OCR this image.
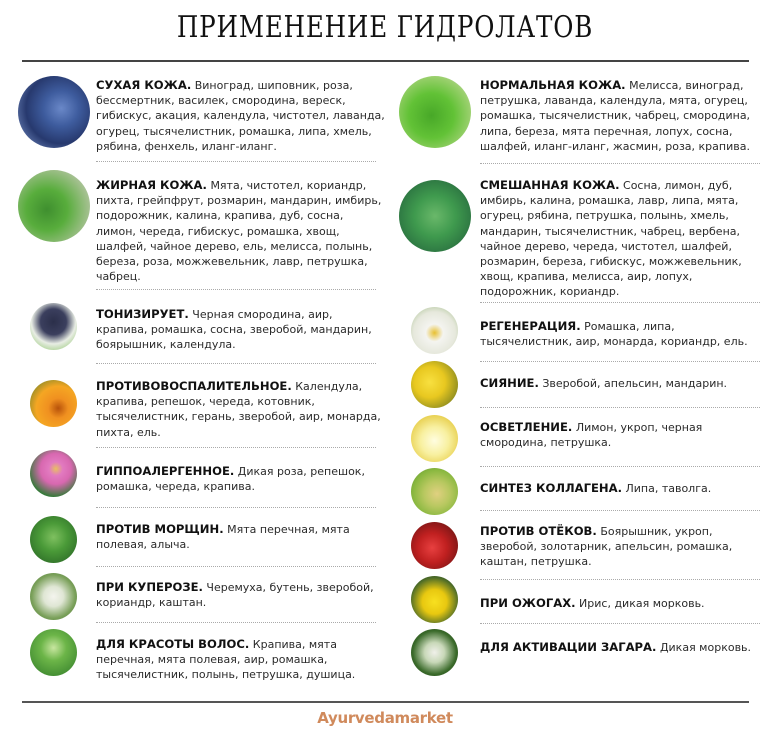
ПРИМЕНЕНИЕ ГИДРОЛАТОВ
СУХАЯ КОЖА. Виноград, шиповник, роза, бессмертник, василек, смородина, вереск, гибискус, акация, календула, чистотел, лаванда, огурец, тысячелистник, ромашка, липа, хмель, рябина, фенхель, иланг-иланг.
ЖИРНАЯ КОЖА. Мята, чистотел, кориандр, пихта, грейпфрут, розмарин, мандарин, имбирь, подорожник, калина, крапива, дуб, сосна, лимон, череда, гибискус, ромашка, хвощ, шалфей, чайное дерево, ель, мелисса, полынь, береза, роза, можжевельник, лавр, петрушка, чабрец.
ТОНИЗИРУЕТ. Черная смородина, аир, крапива, ромашка, сосна, зверобой, мандарин, боярышник, календула.
ПРОТИВОВОСПАЛИТЕЛЬНОЕ. Календула, крапива, репешок, череда, котовник, тысячелистник, герань, зверобой, аир, монарда, пихта, ель.
ГИППОАЛЕРГЕННОЕ. Дикая роза, репешок, ромашка, череда, крапива.
ПРОТИВ МОРЩИН. Мята перечная, мята полевая, алыча.
ПРИ КУПЕРОЗЕ. Черемуха, бутень, зверобой, кориандр, каштан.
ДЛЯ КРАСОТЫ ВОЛОС. Крапива, мята перечная, мята полевая, аир, ромашка, тысячелистник, полынь, петрушка, душица.
НОРМАЛЬНАЯ КОЖА. Мелисса, виноград, петрушка, лаванда, календула, мята, огурец, ромашка, тысячелистник, чабрец, смородина, липа, береза, мята перечная, лопух, сосна, шалфей, иланг-иланг, жасмин, роза, крапива.
СМЕШАННАЯ КОЖА. Сосна, лимон, дуб, имбирь, калина, ромашка, лавр, липа, мята, огурец, рябина, петрушка, полынь, хмель, мандарин, тысячелистник, чабрец, вербена, чайное дерево, череда, чистотел, шалфей, розмарин, береза, гибискус, можжевельник, хвощ, крапива, мелисса, аир, лопух, подорожник, кориандр.
РЕГЕНЕРАЦИЯ. Ромашка, липа, тысячелистник, аир, монарда, кориандр, ель.
СИЯНИЕ. Зверобой, апельсин, мандарин.
ОСВЕТЛЕНИЕ. Лимон, укроп, черная смородина, петрушка.
СИНТЕЗ КОЛЛАГЕНА. Липа, таволга.
ПРОТИВ ОТЁКОВ. Боярышник, укроп, зверобой, золотарник, апельсин, ромашка, каштан, петрушка.
ПРИ ОЖОГАХ. Ирис, дикая морковь.
ДЛЯ АКТИВАЦИИ ЗАГАРА. Дикая морковь.
Ayurvedamarket
